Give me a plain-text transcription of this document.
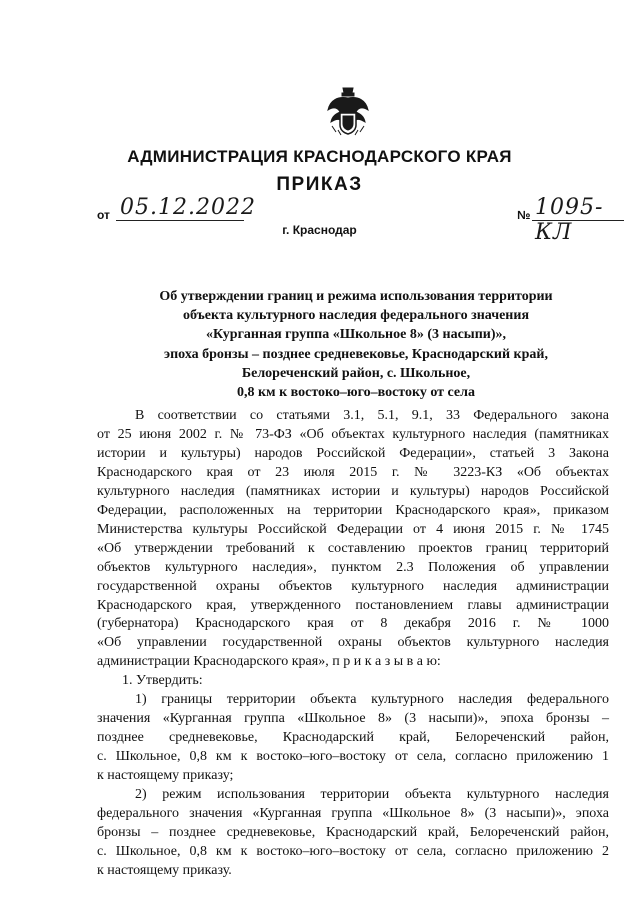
АДМИНИСТРАЦИЯ КРАСНОДАРСКОГО КРАЯ
ПРИКАЗ
от 05.12.2022	№ 1095-КЛ
г. Краснодар
Об утверждении границ и режима использования территории
объекта культурного наследия федерального значения
«Курганная группа «Школьное 8» (3 насыпи)»,
эпоха бронзы – позднее средневековье, Краснодарский край,
Белореченский район, с. Школьное,
0,8 км к востоко–юго–востоку от села
В соответствии со статьями 3.1, 5.1, 9.1, 33 Федерального закона
от 25 июня 2002 г. № 73-ФЗ «Об объектах культурного наследия (памятниках
истории и культуры) народов Российской Федерации», статьей 3 Закона
Краснодарского края от 23 июля 2015 г. № 3223-КЗ «Об объектах
культурного наследия (памятниках истории и культуры) народов Российской
Федерации, расположенных на территории Краснодарского края», приказом
Министерства культуры Российской Федерации от 4 июня 2015 г. № 1745
«Об утверждении требований к составлению проектов границ территорий
объектов культурного наследия», пунктом 2.3 Положения об управлении
государственной охраны объектов культурного наследия администрации
Краснодарского края, утвержденного постановлением главы администрации
(губернатора) Краснодарского края от 8 декабря 2016 г. № 1000
«Об управлении государственной охраны объектов культурного наследия
администрации Краснодарского края», п р и к а з ы в а ю:
1. Утвердить:
1) границы территории объекта культурного наследия федерального
значения «Курганная группа «Школьное 8» (3 насыпи)», эпоха бронзы –
позднее средневековье, Краснодарский край, Белореченский район,
с. Школьное, 0,8 км к востоко–юго–востоку от села, согласно приложению 1
к настоящему приказу;
2) режим использования территории объекта культурного наследия
федерального значения «Курганная группа «Школьное 8» (3 насыпи)», эпоха
бронзы – позднее средневековье, Краснодарский край, Белореченский район,
с. Школьное, 0,8 км к востоко–юго–востоку от села, согласно приложению 2
к настоящему приказу.
